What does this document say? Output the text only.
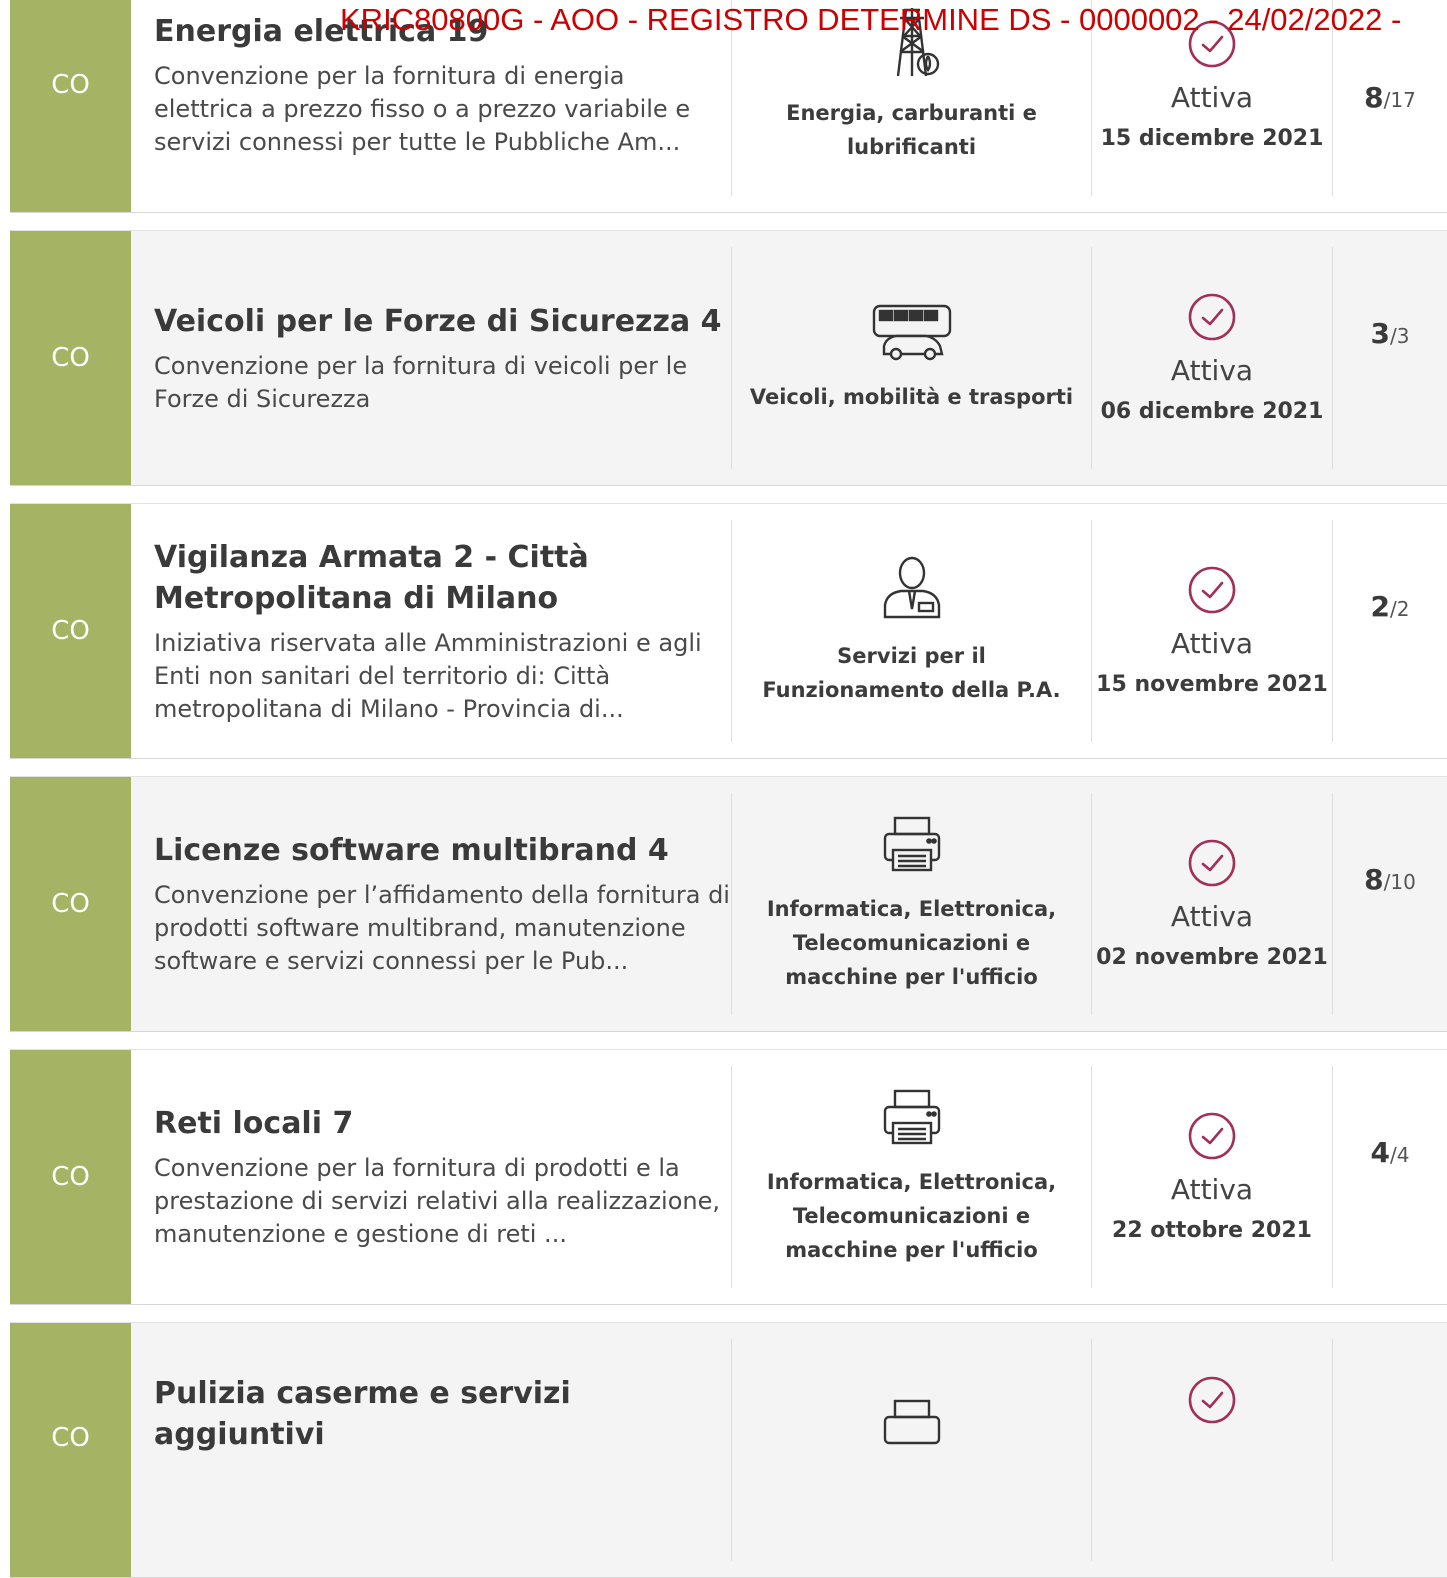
KRIC80800G - AOO - REGISTRO DETERMINE DS - 0000002 - 24/02/2022 -
CO
Energia elettrica 19
Convenzione per la fornitura di energia elettrica a prezzo fisso o a prezzo variabile e servizi connessi per tutte le Pubbliche Am...
Energia, carburanti e lubrificanti
Attiva
15 dicembre 2021
8/17
CO
Veicoli per le Forze di Sicurezza 4
Convenzione per la fornitura di veicoli per le Forze di Sicurezza	Veicoli, mobilità e trasporti
Attiva
06 dicembre 2021
3/3
CO
Vigilanza Armata 2 - Città Metropolitana di Milano
Iniziativa riservata alle Amministrazioni e agli Enti non sanitari del territorio di: Città metropolitana di Milano - Provincia di...
Servizi per il Funzionamento della P.A.
Attiva
15 novembre 2021
2/2
CO
Licenze software multibrand 4
Convenzione per l’affidamento della fornitura di prodotti software multibrand, manutenzione software e servizi connessi per le Pub...
Informatica, Elettronica, Telecomunicazioni e macchine per l'ufficio
Attiva
02 novembre 2021
8/10
CO
Reti locali 7
Convenzione per la fornitura di prodotti e la prestazione di servizi relativi alla realizzazione, manutenzione e gestione di reti ...
Informatica, Elettronica, Telecomunicazioni e macchine per l'ufficio
Attiva
22 ottobre 2021
4/4
CO
Pulizia caserme e servizi aggiuntivi
